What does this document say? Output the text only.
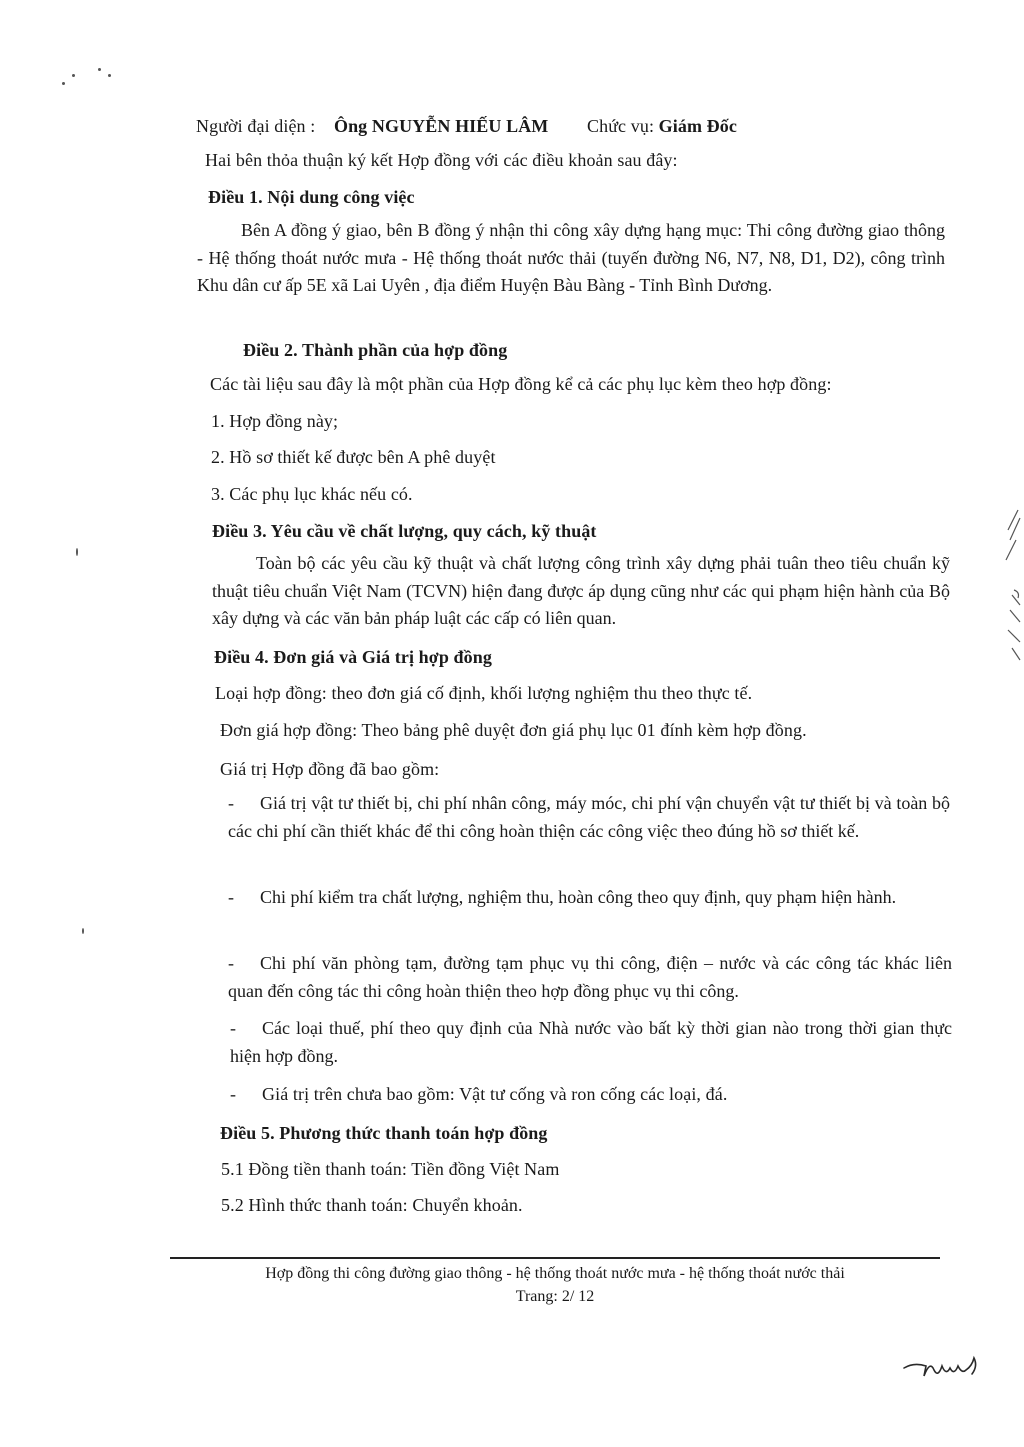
Người đại diện : Ông NGUYỄN HIẾU LÂM Chức vụ: Giám Đốc
Hai bên thỏa thuận ký kết Hợp đồng với các điều khoản sau đây:
Điều 1. Nội dung công việc
Bên A đồng ý giao, bên B đồng ý nhận thi công xây dựng hạng mục: Thi công đường giao thông - Hệ thống thoát nước mưa - Hệ thống thoát nước thải (tuyến đường N6, N7, N8, D1, D2), công trình Khu dân cư ấp 5E xã Lai Uyên , địa điểm Huyện Bàu Bàng - Tỉnh Bình Dương.
Điều 2. Thành phần của hợp đồng
Các tài liệu sau đây là một phần của Hợp đồng kể cả các phụ lục kèm theo hợp đồng:
1. Hợp đồng này;
2. Hồ sơ thiết kế được bên A phê duyệt
3. Các phụ lục khác nếu có.
Điều 3. Yêu cầu về chất lượng, quy cách, kỹ thuật
Toàn bộ các yêu cầu kỹ thuật và chất lượng công trình xây dựng phải tuân theo tiêu chuẩn kỹ thuật tiêu chuẩn Việt Nam (TCVN) hiện đang được áp dụng cũng như các qui phạm hiện hành của Bộ xây dựng và các văn bản pháp luật các cấp có liên quan.
Điều 4. Đơn giá và Giá trị hợp đồng
Loại hợp đồng: theo đơn giá cố định, khối lượng nghiệm thu theo thực tế.
Đơn giá hợp đồng: Theo bảng phê duyệt đơn giá phụ lục 01 đính kèm hợp đồng.
Giá trị Hợp đồng đã bao gồm:
- Giá trị vật tư thiết bị, chi phí nhân công, máy móc, chi phí vận chuyển vật tư thiết bị và toàn bộ các chi phí cần thiết khác để thi công hoàn thiện các công việc theo đúng hồ sơ thiết kế.
- Chi phí kiểm tra chất lượng, nghiệm thu, hoàn công theo quy định, quy phạm hiện hành.
- Chi phí văn phòng tạm, đường tạm phục vụ thi công, điện – nước và các công tác khác liên quan đến công tác thi công hoàn thiện theo hợp đồng phục vụ thi công.
- Các loại thuế, phí theo quy định của Nhà nước vào bất kỳ thời gian nào trong thời gian thực hiện hợp đồng.
- Giá trị trên chưa bao gồm: Vật tư cống và ron cống các loại, đá.
Điều 5. Phương thức thanh toán hợp đồng
5.1 Đồng tiền thanh toán: Tiền đồng Việt Nam
5.2 Hình thức thanh toán: Chuyển khoản.
Hợp đồng thi công đường giao thông - hệ thống thoát nước mưa - hệ thống thoát nước thải
Trang: 2/ 12
